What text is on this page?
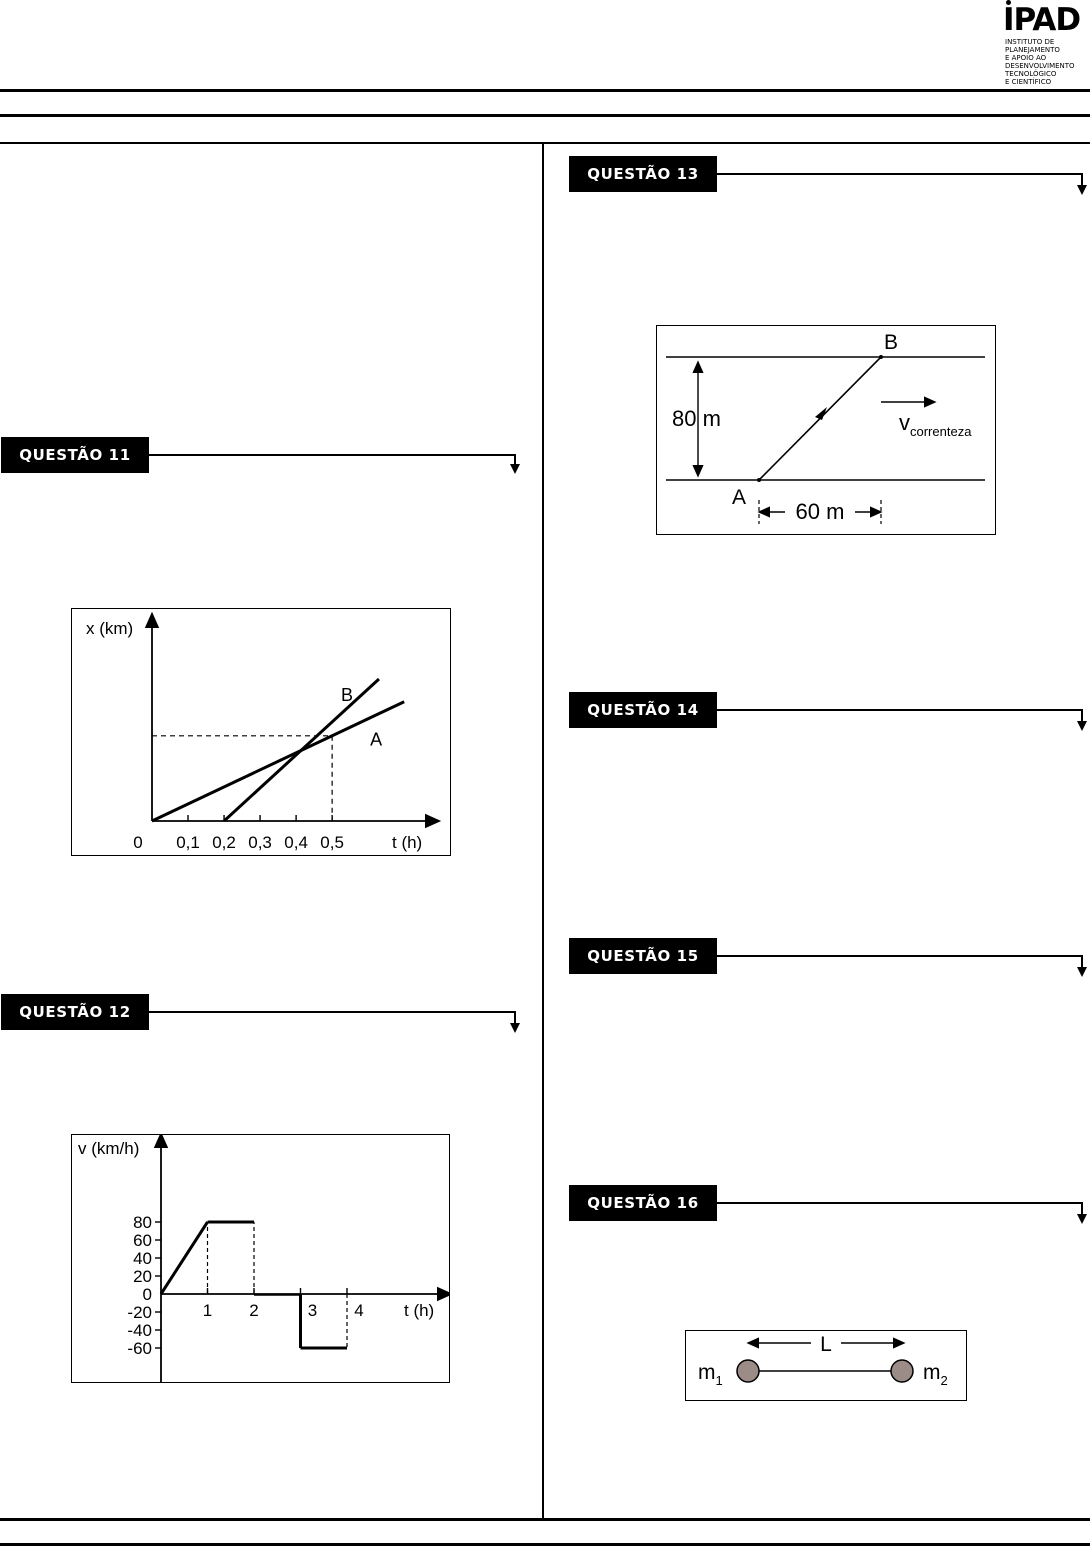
IPAD
INSTITUTO DE
PLANEJAMENTO
E APOIO AO
DESENVOLVIMENTO
TECNOLÓGICO
E CIENTÍFICO
QUESTÃO 11
QUESTÃO 12
QUESTÃO 13
QUESTÃO 14
QUESTÃO 15
QUESTÃO 16
x (km)
t (h)
0 0,1 0,2 0,3 0,4 0,5
A
B
v (km/h)
t (h)
80
60
40
20
0
-20
-40
-60
1 2	3 4
80 m
A
B
$v_{correnteza}$
60 m
L
$m_1$	$m_2$
